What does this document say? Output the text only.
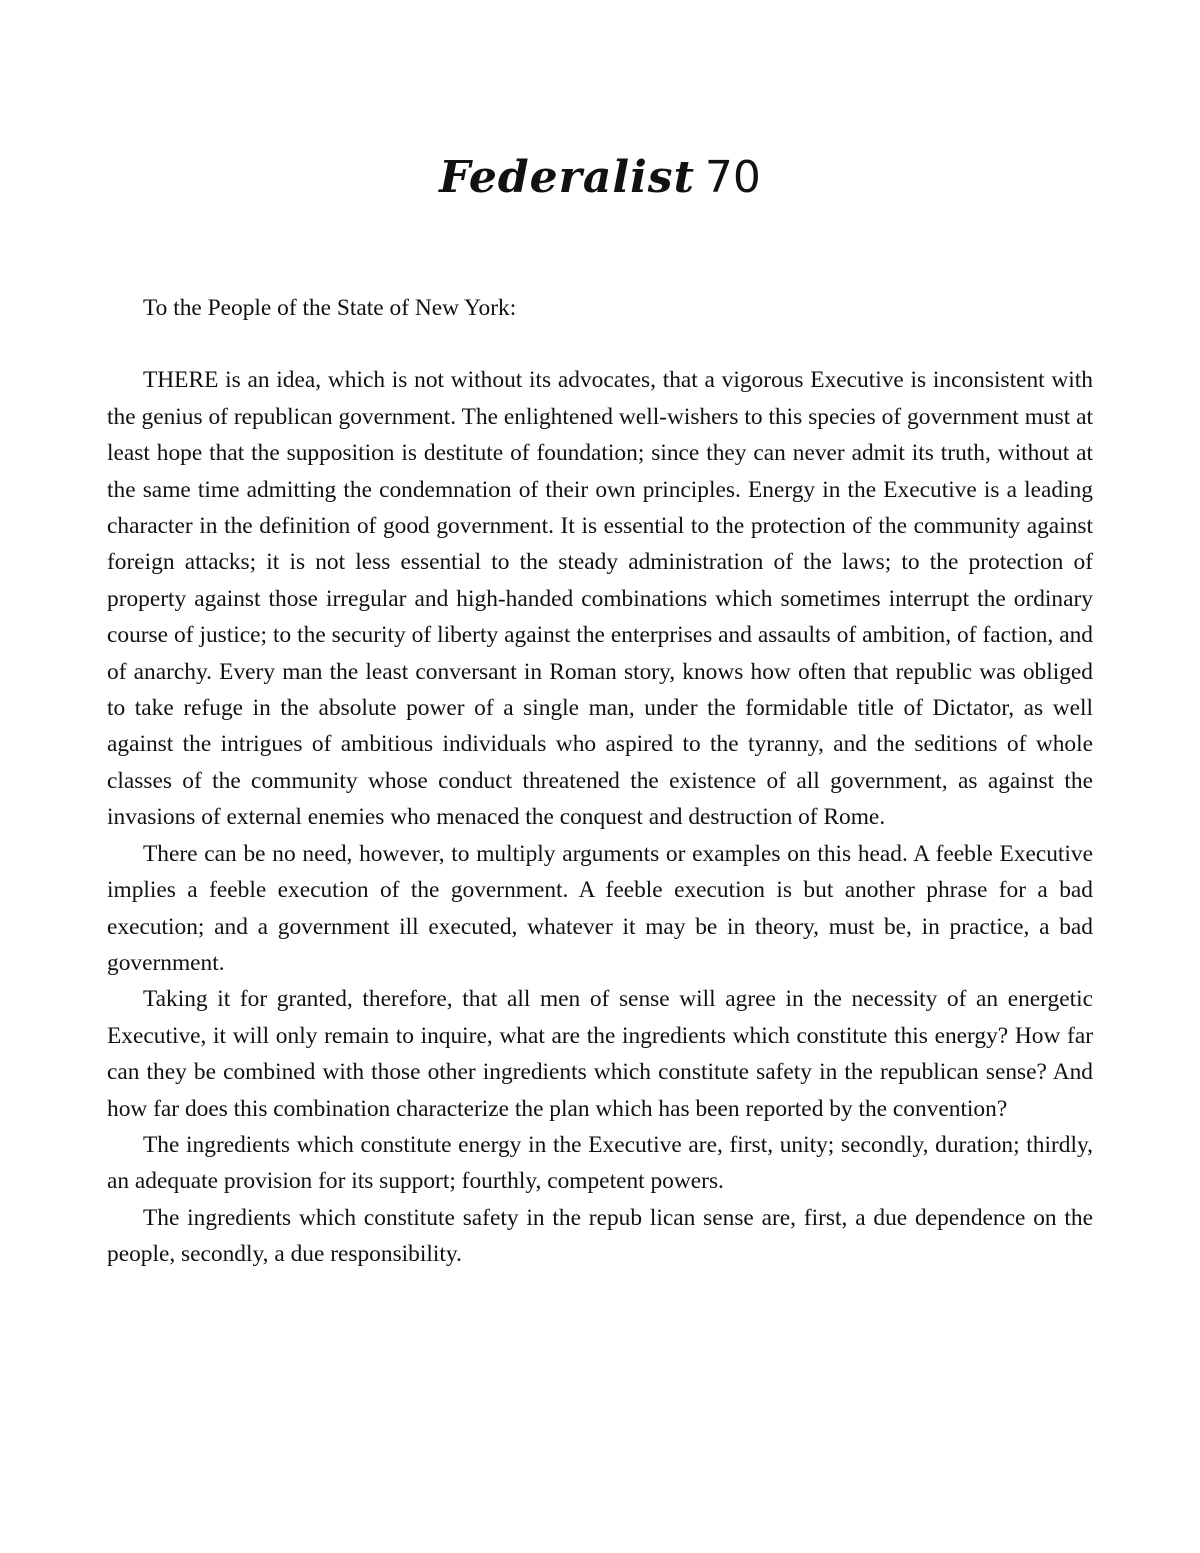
Federalist 70

To the People of the State of New York:

THERE is an idea, which is not without its advocates, that a vigorous Executive is inconsistent with the genius of republican government. The enlightened well-wishers to this species of government must at least hope that the supposition is destitute of foundation; since they can never admit its truth, without at the same time admitting the condemnation of their own principles. Energy in the Executive is a leading character in the definition of good government. It is essential to the protection of the community against foreign attacks; it is not less essential to the steady administration of the laws; to the protection of property against those irregular and high-handed combinations which sometimes interrupt the ordinary course of justice; to the security of liberty against the enterprises and assaults of ambition, of faction, and of anarchy. Every man the least conversant in Roman story, knows how often that republic was obliged to take refuge in the absolute power of a single man, under the formidable title of Dictator, as well against the intrigues of ambitious individuals who aspired to the tyranny, and the seditions of whole classes of the community whose conduct threatened the existence of all government, as against the invasions of external enemies who menaced the conquest and destruction of Rome.

There can be no need, however, to multiply arguments or examples on this head. A feeble Executive implies a feeble execution of the government. A feeble execution is but another phrase for a bad execution; and a government ill executed, whatever it may be in theory, must be, in practice, a bad government.

Taking it for granted, therefore, that all men of sense will agree in the necessity of an energetic Executive, it will only remain to inquire, what are the ingredients which constitute this energy? How far can they be combined with those other ingredients which constitute safety in the republican sense? And how far does this combination characterize the plan which has been reported by the convention?

The ingredients which constitute energy in the Executive are, first, unity; secondly, duration; thirdly, an adequate provision for its support; fourthly, competent powers.

The ingredients which constitute safety in the repub lican sense are, first, a due dependence on the people, secondly, a due responsibility.
